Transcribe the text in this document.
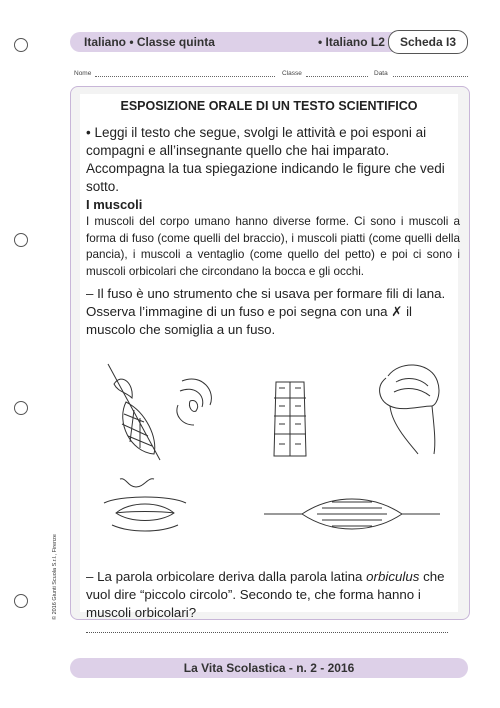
Italiano • Classe quinta	• Italiano L2	Scheda I3
Nome	Classe	Data
ESPOSIZIONE ORALE DI UN TESTO SCIENTIFICO
• Leggi il testo che segue, svolgi le attività e poi esponi ai compagni e all’insegnante quello che hai imparato. Accompagna la tua spiegazione indicando le figure che vedi sotto.
I muscoli
I muscoli del corpo umano hanno diverse forme. Ci sono i muscoli a forma di fuso (come quelli del braccio), i muscoli piatti (come quelli della pancia), i muscoli a ventaglio (come quello del petto) e poi ci sono i muscoli orbicolari che circondano la bocca e gli occhi.
– Il fuso è uno strumento che si usava per formare fili di lana. Osserva l’immagine di un fuso e poi segna con una ✗ il muscolo che somiglia a un fuso.
– La parola orbicolare deriva dalla parola latina orbiculus che vuol dire “piccolo circolo”. Secondo te, che forma hanno i muscoli orbicolari?
© 2016 Giunti Scuola S.r.l., Firenze
La Vita Scolastica - n. 2 - 2016
